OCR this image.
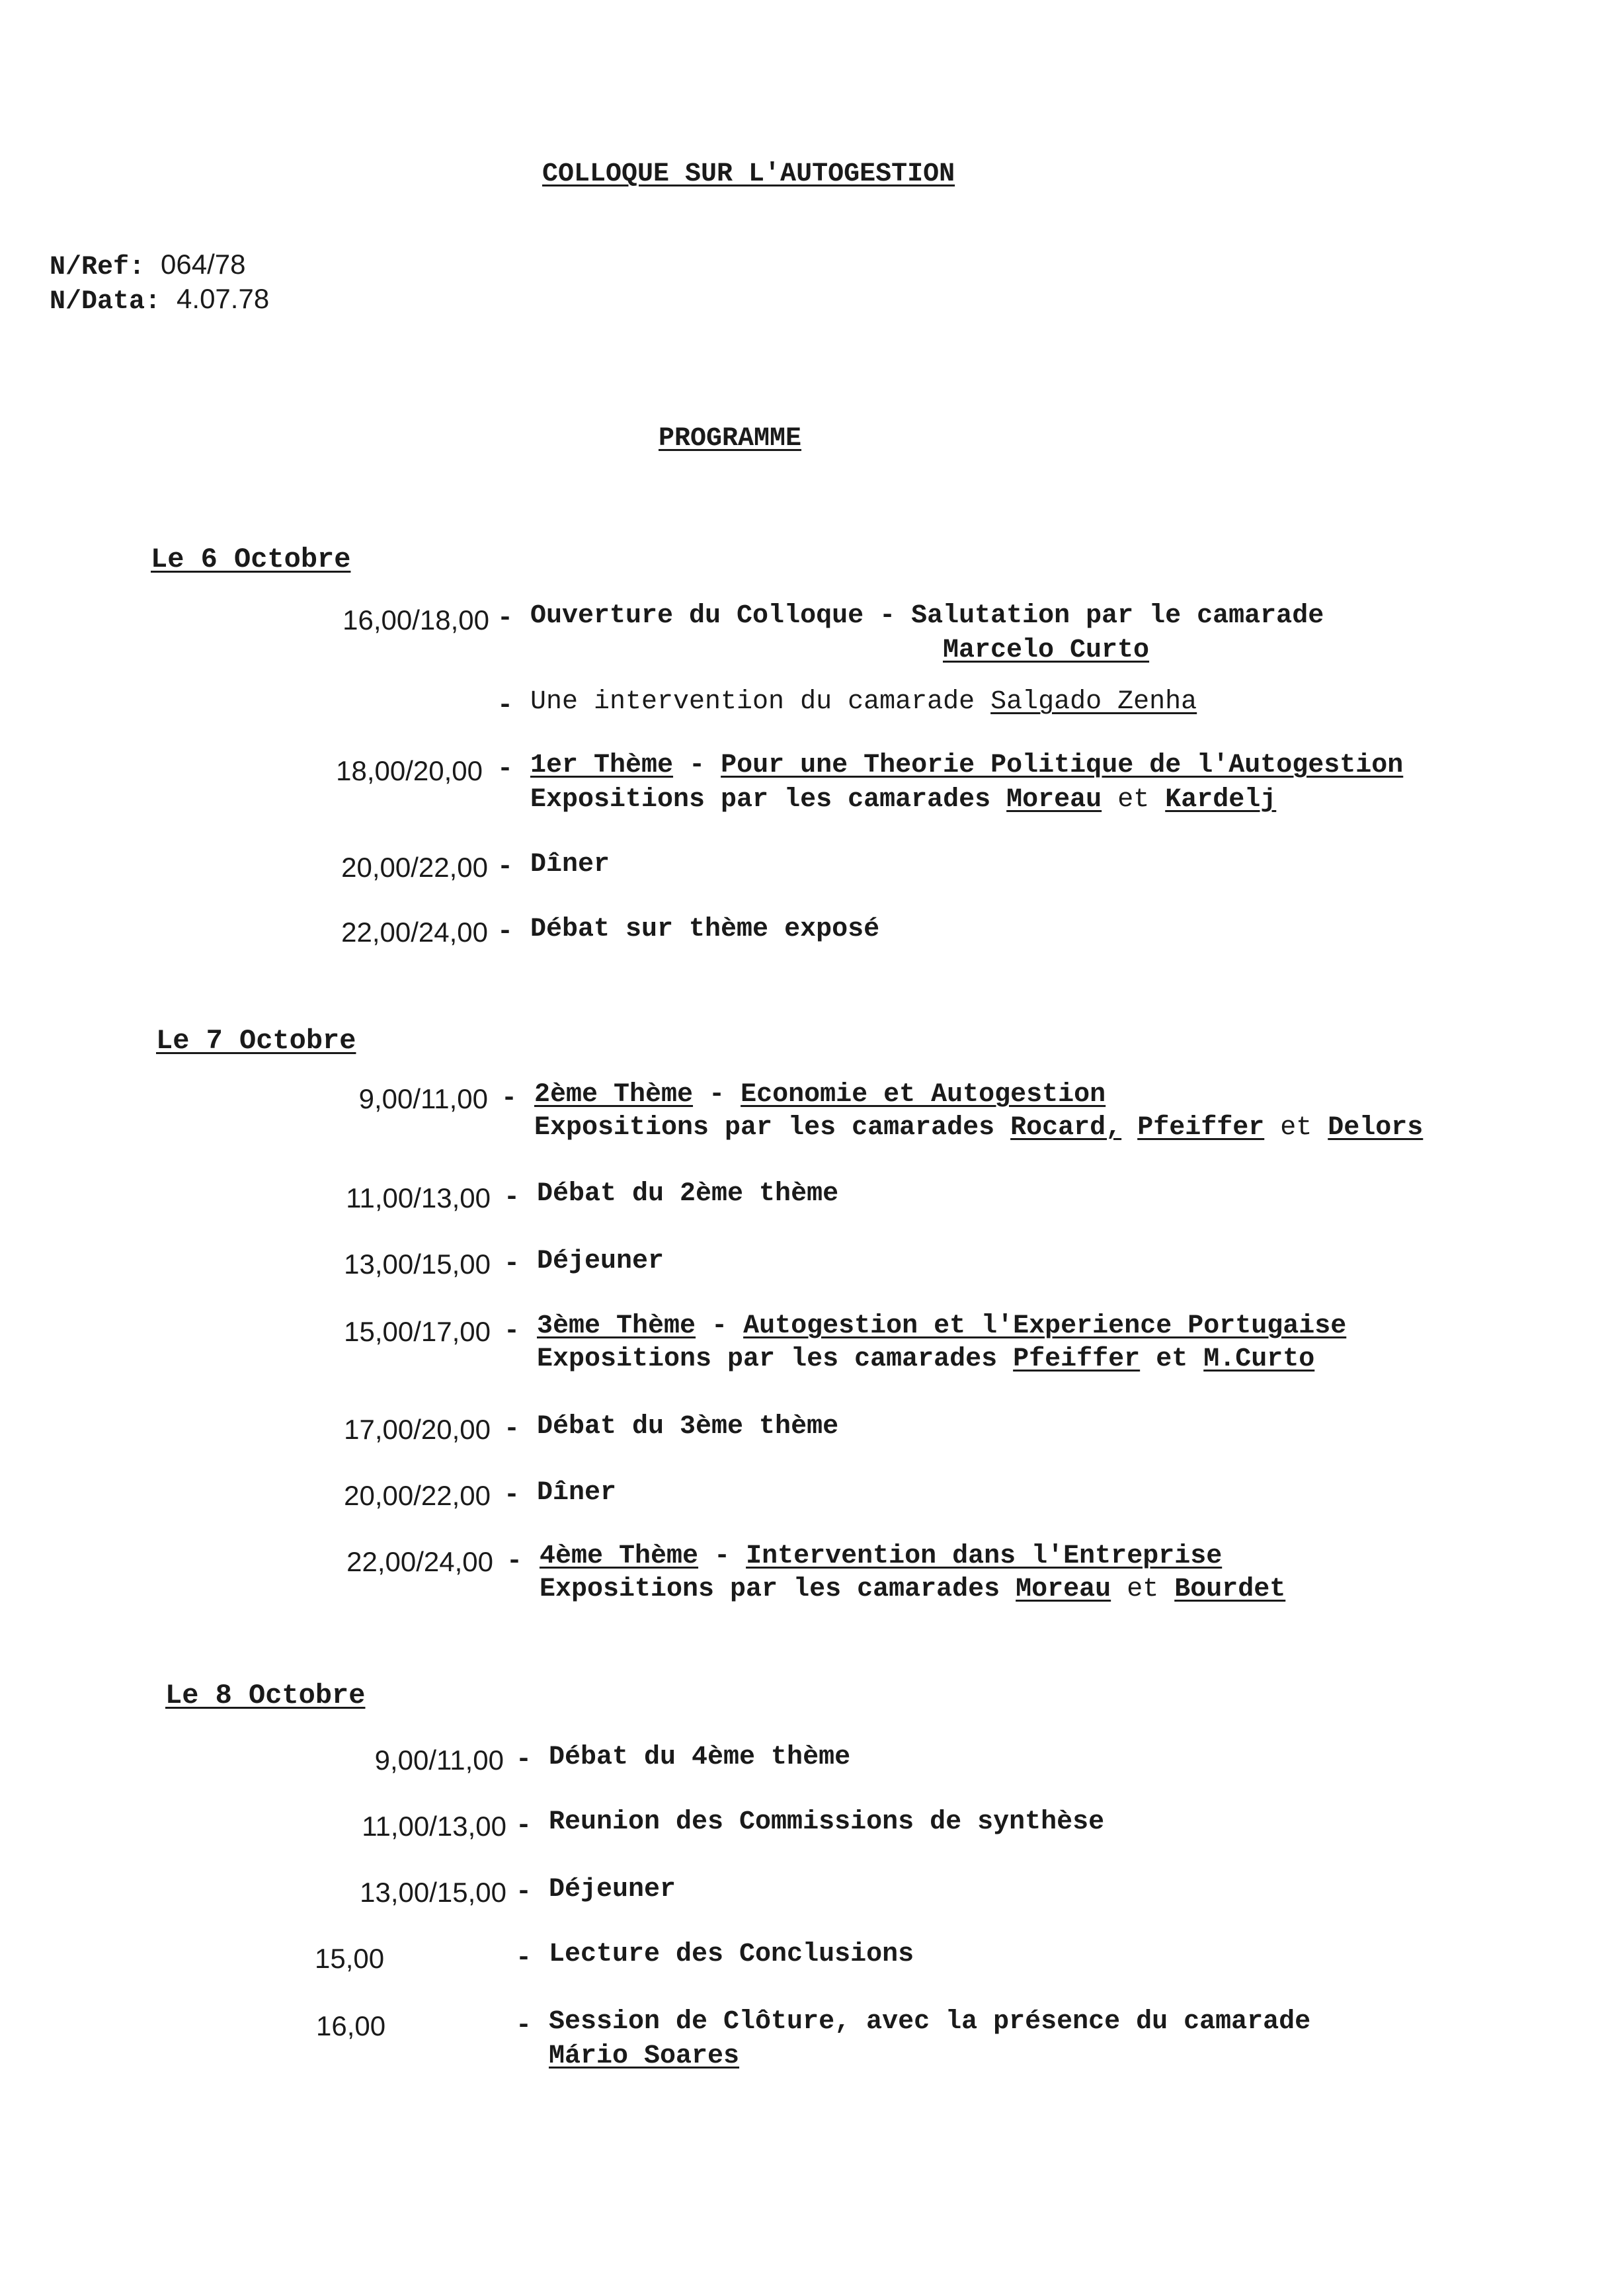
COLLOQUE SUR L'AUTOGESTION
N/Ref: 064/78
N/Data: 4.07.78
PROGRAMME
Le 6 Octobre
16,00/18,00 - Ouverture du Colloque - Salutation par le camarade
Marcelo Curto
- Une intervention du camarade Salgado Zenha
18,00/20,00 - 1er Thème - Pour une Theorie Politique de l'Autogestion
Expositions par les camarades Moreau et Kardelj
20,00/22,00 - Dîner
22,00/24,00 - Débat sur thème exposé
Le 7 Octobre
9,00/11,00 - 2ème Thème - Economie et Autogestion
Expositions par les camarades Rocard, Pfeiffer et Delors
11,00/13,00 - Débat du 2ème thème
13,00/15,00 - Déjeuner
15,00/17,00 - 3ème Thème - Autogestion et l'Experience Portugaise
Expositions par les camarades Pfeiffer et M.Curto
17,00/20,00 - Débat du 3ème thème
20,00/22,00 - Dîner
22,00/24,00 - 4ème Thème - Intervention dans l'Entreprise
Expositions par les camarades Moreau et Bourdet
Le 8 Octobre
9,00/11,00 - Débat du 4ème thème
11,00/13,00 - Reunion des Commissions de synthèse
13,00/15,00 - Déjeuner
15,00	- Lecture des Conclusions
16,00	- Session de Clôture, avec la présence du camarade
Mário Soares
